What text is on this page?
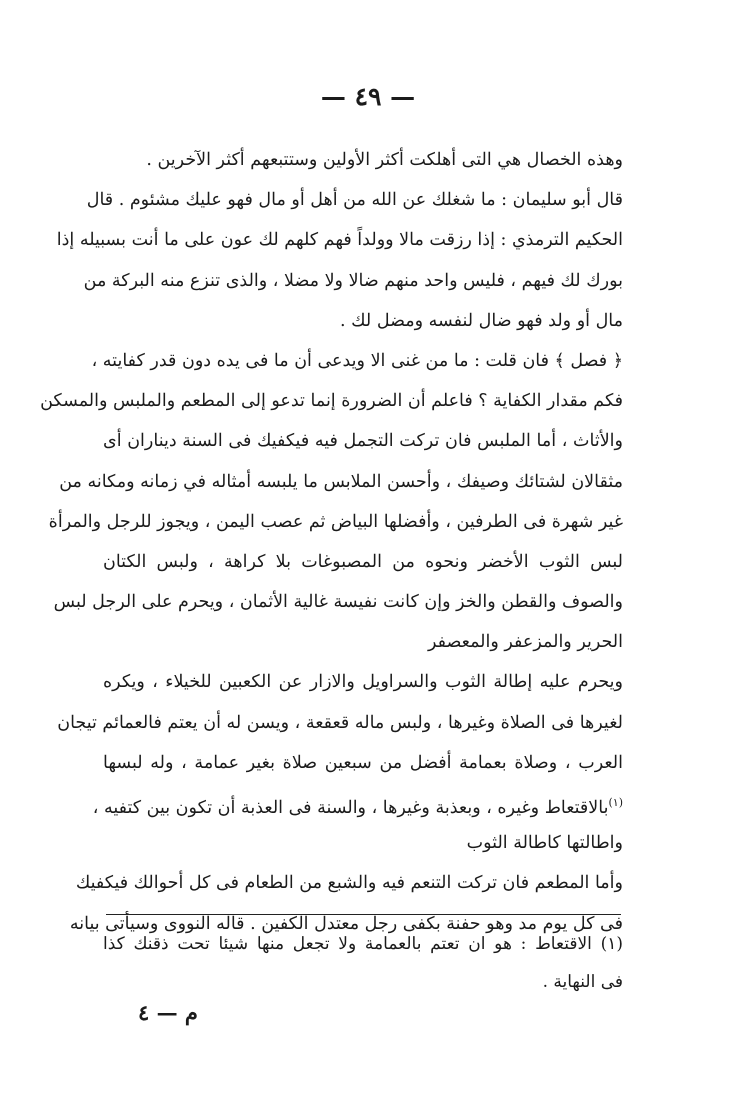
— ٤٩ —
وهذه الخصال هي التى أهلكت أكثر الأولين وستتبعهم أكثر الآخرين .
قال أبو سليمان : ما شغلك عن الله من أهل أو مال فهو عليك مشئوم . قال
الحكيم الترمذي : إذا رزقت مالا وولداً فهم كلهم لك عون على ما أنت بسبيله إذا
بورك لك فيهم ، فليس واحد منهم ضالا ولا مضلا ، والذى تنزع منه البركة من
مال أو ولد فهو ضال لنفسه ومضل لك .
﴿ فصل ﴾ فان قلت : ما من غنى الا ويدعى أن ما فى يده دون قدر كفايته ،
فكم مقدار الكفاية ؟ فاعلم أن الضرورة إنما تدعو إلى المطعم والملبس والمسكن
والأثاث ، أما الملبس فان تركت التجمل فيه فيكفيك فى السنة ديناران أى
مثقالان لشتائك وصيفك ، وأحسن الملابس ما يلبسه أمثاله في زمانه ومكانه من
غير شهرة فى الطرفين ، وأفضلها البياض ثم عصب اليمن ، ويجوز للرجل والمرأة
لبس الثوب الأخضر ونحوه من المصبوغات بلا كراهة ، ولبس الكتان
والصوف والقطن والخز وإن كانت نفيسة غالية الأثمان ، ويحرم على الرجل لبس
الحرير والمزعفر والمعصفر
ويحرم عليه إطالة الثوب والسراويل والازار عن الكعبين للخيلاء ، ويكره
لغيرها فى الصلاة وغيرها ، ولبس ماله قعقعة ، ويسن له أن يعتم فالعمائم تيجان
العرب ، وصلاة بعمامة أفضل من سبعين صلاة بغير عمامة ، وله لبسها
$^{(١)}$بالاقتعاط وغيره ، وبعذبة وغيرها ، والسنة فى العذبة أن تكون بين كتفيه ،
واطالتها كاطالة الثوب
وأما المطعم فان تركت التنعم فيه والشبع من الطعام فى كل أحوالك فيكفيك
فى كل يوم مد وهو حفنة بكفى رجل معتدل الكفين . قاله النووى وسيأتى بيانه
(١) الاقتعاط : هو ان تعتم بالعمامة ولا تجعل منها شيئا تحت ذقنك كذا
فى النهاية .
م — ٤
